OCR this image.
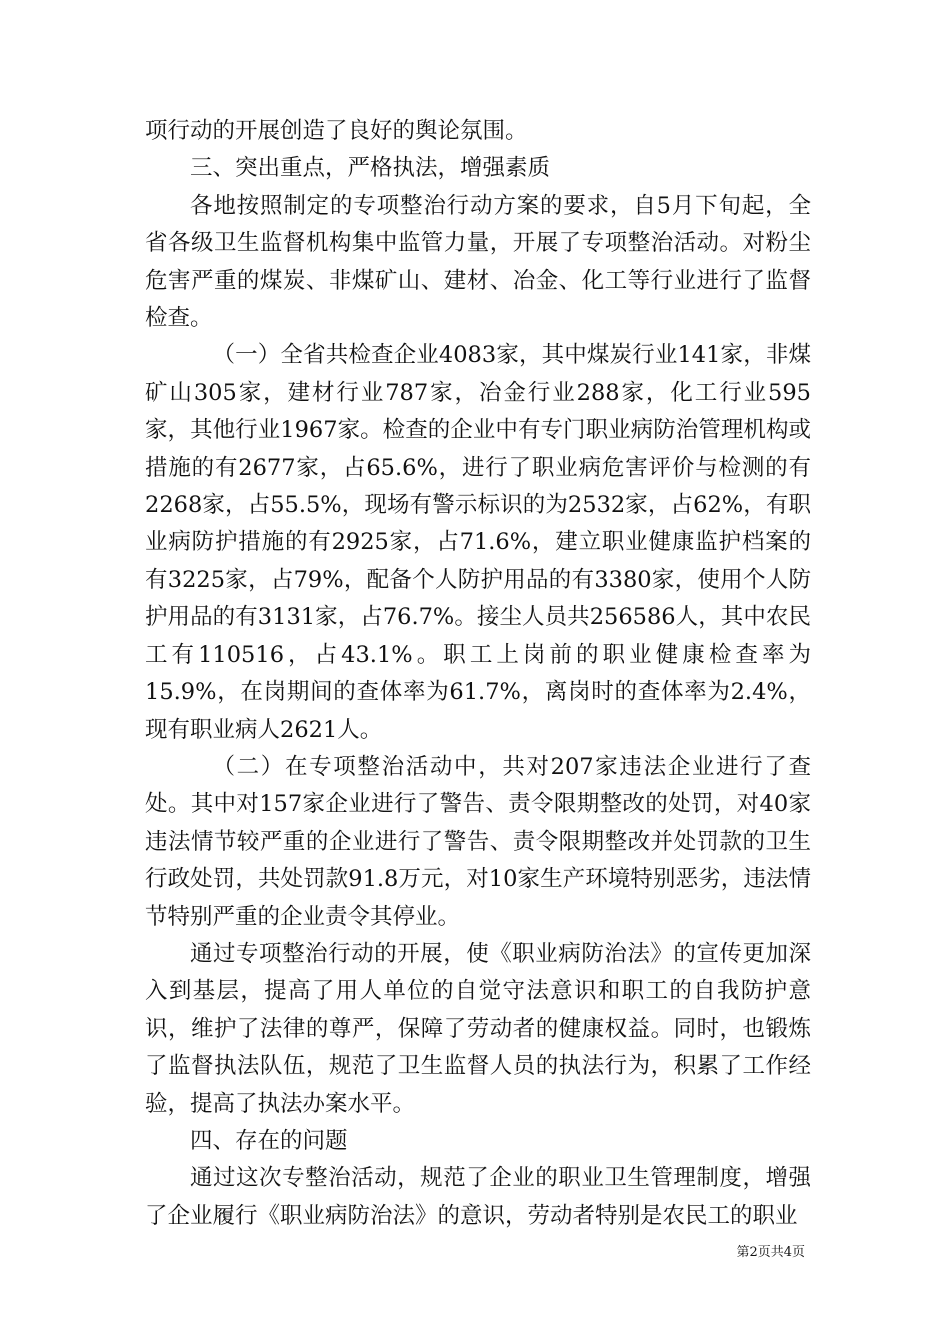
项行动的开展创造了良好的舆论氛围。

三、突出重点，严格执法，增强素质

各地按照制定的专项整治行动方案的要求，自5月下旬起，全省各级卫生监督机构集中监管力量，开展了专项整治活动。对粉尘危害严重的煤炭、非煤矿山、建材、冶金、化工等行业进行了监督检查。

（一）全省共检查企业4083家，其中煤炭行业141家，非煤矿山305家，建材行业787家，冶金行业288家，化工行业595家，其他行业1967家。检查的企业中有专门职业病防治管理机构或措施的有2677家，占65.6%，进行了职业病危害评价与检测的有2268家，占55.5%，现场有警示标识的为2532家，占62%，有职业病防护措施的有2925家，占71.6%，建立职业健康监护档案的有3225家，占79%，配备个人防护用品的有3380家，使用个人防护用品的有3131家，占76.7%。接尘人员共256586人，其中农民工有110516，占43.1%。职工上岗前的职业健康检查率为15.9%，在岗期间的查体率为61.7%，离岗时的查体率为2.4%，现有职业病人2621人。

（二）在专项整治活动中，共对207家违法企业进行了查处。其中对157家企业进行了警告、责令限期整改的处罚，对40家违法情节较严重的企业进行了警告、责令限期整改并处罚款的卫生行政处罚，共处罚款91.8万元，对10家生产环境特别恶劣，违法情节特别严重的企业责令其停业。

通过专项整治行动的开展，使《职业病防治法》的宣传更加深入到基层，提高了用人单位的自觉守法意识和职工的自我防护意识，维护了法律的尊严，保障了劳动者的健康权益。同时，也锻炼了监督执法队伍，规范了卫生监督人员的执法行为，积累了工作经验，提高了执法办案水平。

四、存在的问题

通过这次专整治活动，规范了企业的职业卫生管理制度，增强了企业履行《职业病防治法》的意识，劳动者特别是农民工的职业

第2页共4页
